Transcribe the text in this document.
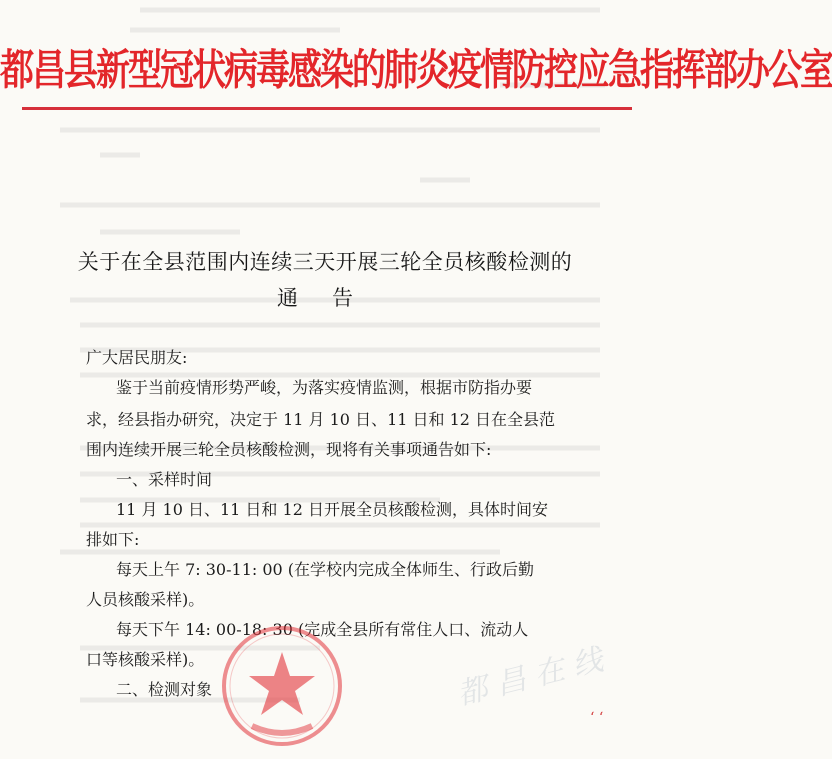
都昌县新型冠状病毒感染的肺炎疫情防控应急指挥部办公室
关于在全县范围内连续三天开展三轮全员核酸检测的
通告
广大居民朋友:
鉴于当前疫情形势严峻，为落实疫情监测，根据市防指办要
求，经县指办研究，决定于 11 月 10 日、11 日和 12 日在全县范
围内连续开展三轮全员核酸检测，现将有关事项通告如下:
一、采样时间
11 月 10 日、11 日和 12 日开展全员核酸检测，具体时间安
排如下:
每天上午 7: 30-11: 00 (在学校内完成全体师生、行政后勤
人员核酸采样)。
每天下午 14: 00-18: 30 (完成全县所有常住人口、流动人
口等核酸采样)。
二、检测对象	都 昌 在 线
‘ ‘
